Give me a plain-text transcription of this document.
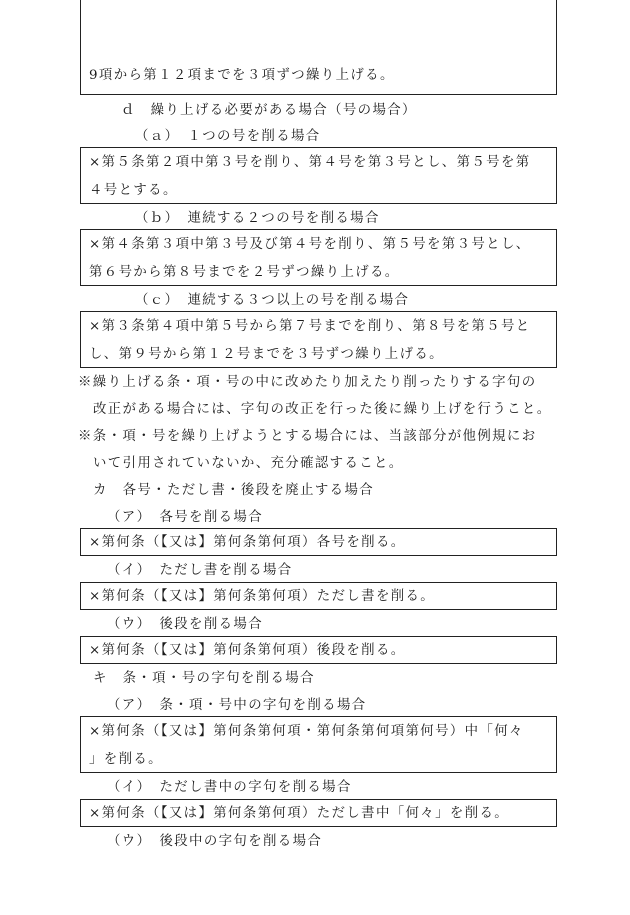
9項から第１２項までを３項ずつ繰り上げる。
ｄ　繰り上げる必要がある場合（号の場合）
（ａ）　１つの号を削る場合
×第５条第２項中第３号を削り、第４号を第３号とし、第５号を第
４号とする。
（ｂ）　連続する２つの号を削る場合
×第４条第３項中第３号及び第４号を削り、第５号を第３号とし、
第６号から第８号までを２号ずつ繰り上げる。
（ｃ）　連続する３つ以上の号を削る場合
×第３条第４項中第５号から第７号までを削り、第８号を第５号と
し、第９号から第１２号までを３号ずつ繰り上げる。
※繰り上げる条・項・号の中に改めたり加えたり削ったりする字句の
改正がある場合には、字句の改正を行った後に繰り上げを行うこと。
※条・項・号を繰り上げようとする場合には、当該部分が他例規にお
いて引用されていないか、充分確認すること。
カ　各号・ただし書・後段を廃止する場合
（ア）　各号を削る場合
×第何条（【又は】第何条第何項）各号を削る。
（イ）　ただし書を削る場合
×第何条（【又は】第何条第何項）ただし書を削る。
（ウ）　後段を削る場合
×第何条（【又は】第何条第何項）後段を削る。
キ　条・項・号の字句を削る場合
（ア）　条・項・号中の字句を削る場合
×第何条（【又は】第何条第何項・第何条第何項第何号）中「何々
」を削る。
（イ）　ただし書中の字句を削る場合
×第何条（【又は】第何条第何項）ただし書中「何々」を削る。
（ウ）　後段中の字句を削る場合
